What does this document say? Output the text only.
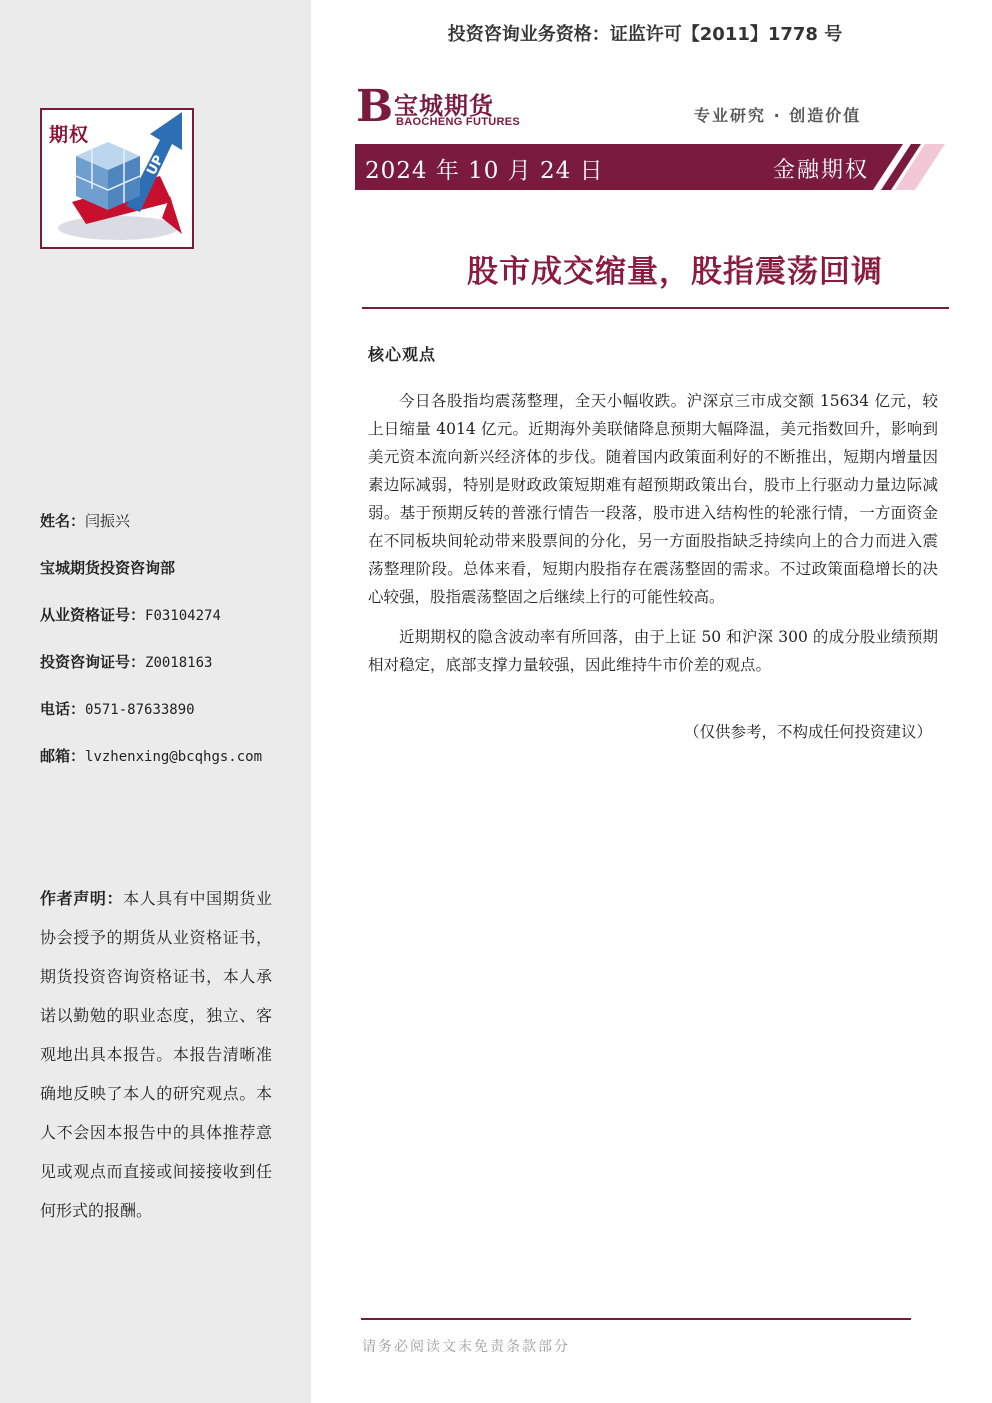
UP
期权
姓名：闫振兴
宝城期货投资咨询部
从业资格证号：F03104274
投资咨询证号：Z0018163
电话：0571-87633890
邮箱：lvzhenxing@bcqhgs.com
作者声明：本人具有中国期货业协会授予的期货从业资格证书，期货投资咨询资格证书，本人承诺以勤勉的职业态度，独立、客观地出具本报告。本报告清晰准确地反映了本人的研究观点。本人不会因本报告中的具体推荐意见或观点而直接或间接接收到任何形式的报酬。
投资咨询业务资格：证监许可【2011】1778 号
B 宝城期货
BAOCHENG FUTURES	专业研究 · 创造价值
2024 年 10 月 24 日	金融期权
股市成交缩量，股指震荡回调
核心观点

今日各股指均震荡整理，全天小幅收跌。沪深京三市成交额 15634 亿元，较上日缩量 4014 亿元。近期海外美联储降息预期大幅降温，美元指数回升，影响到美元资本流向新兴经济体的步伐。随着国内政策面利好的不断推出，短期内增量因素边际减弱，特别是财政政策短期难有超预期政策出台，股市上行驱动力量边际减弱。基于预期反转的普涨行情告一段落，股市进入结构性的轮涨行情，一方面资金在不同板块间轮动带来股票间的分化，另一方面股指缺乏持续向上的合力而进入震荡整理阶段。总体来看，短期内股指存在震荡整固的需求。不过政策面稳增长的决心较强，股指震荡整固之后继续上行的可能性较高。

近期期权的隐含波动率有所回落，由于上证 50 和沪深 300 的成分股业绩预期相对稳定，底部支撑力量较强，因此维持牛市价差的观点。

（仅供参考，不构成任何投资建议）
请务必阅读文末免责条款部分
